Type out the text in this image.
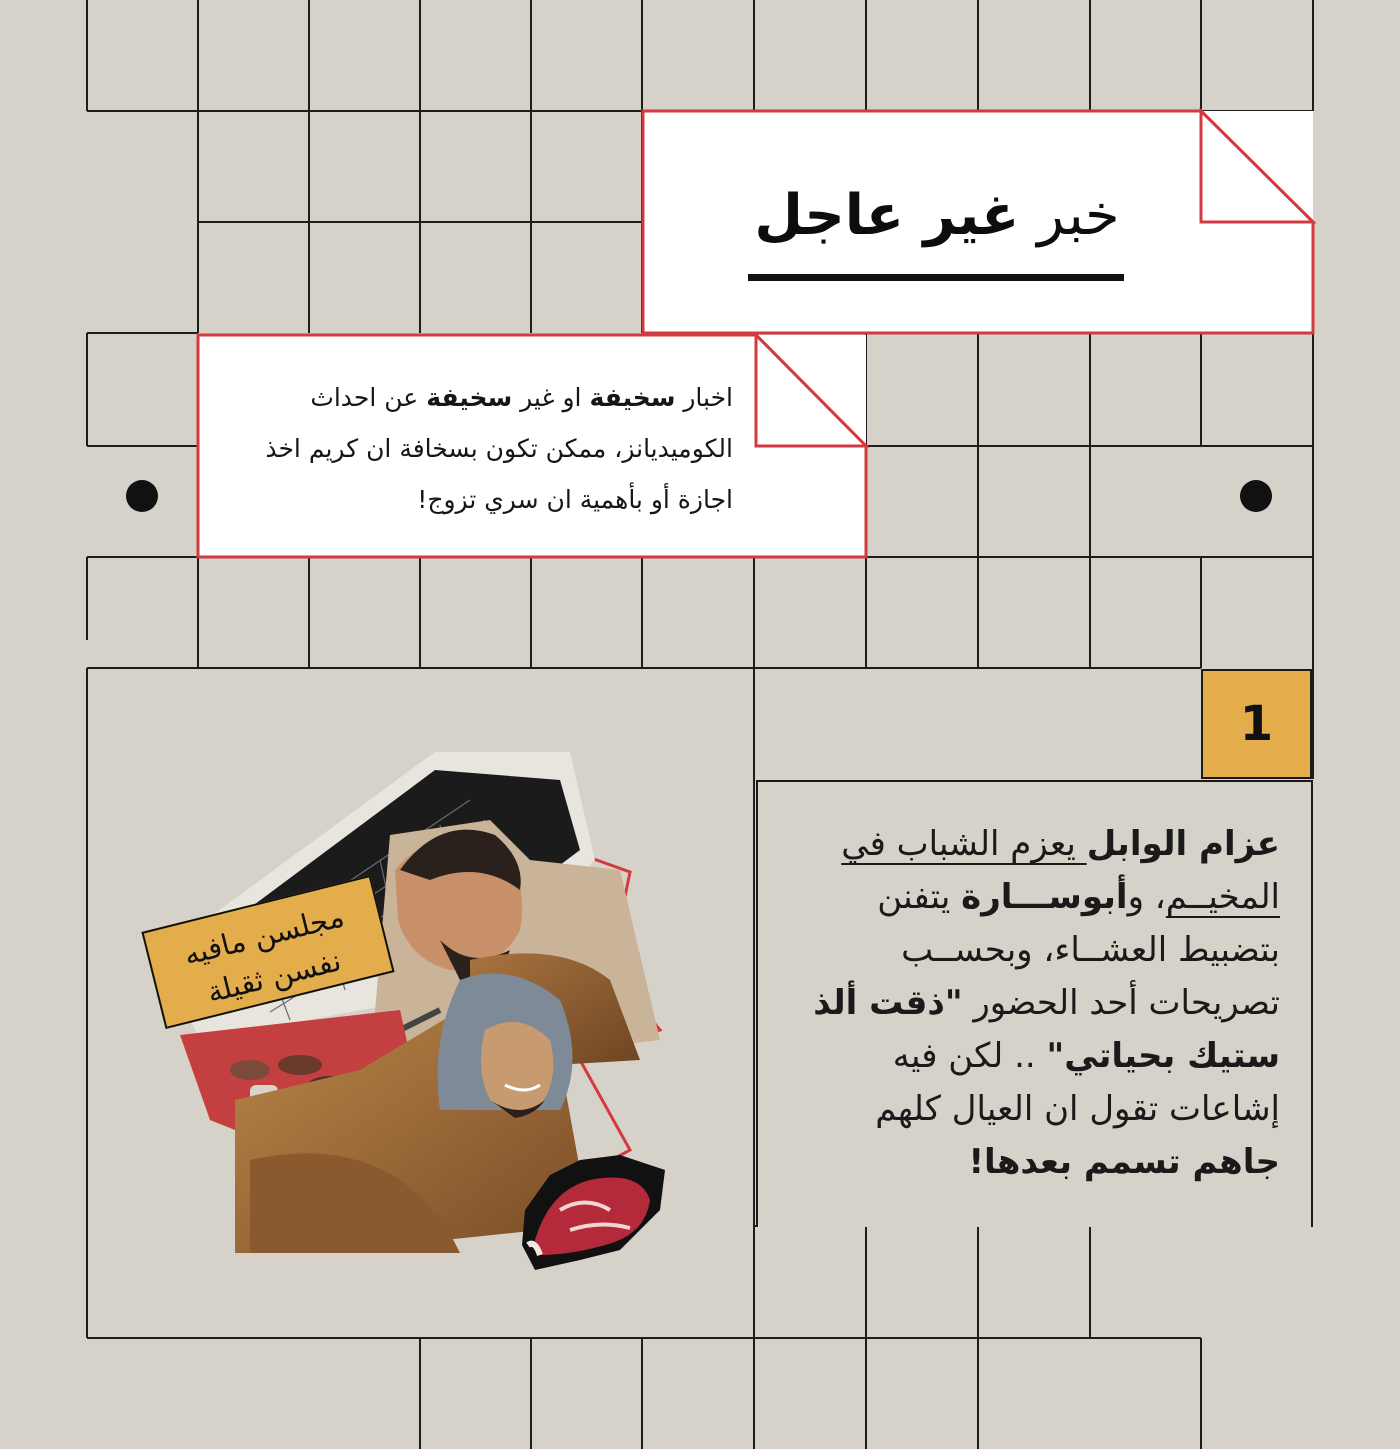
خبر غير عاجل
اخبار سخيفة او غير سخيفة عن احداث الكوميديانز، ممكن تكون بسخافة ان كريم اخذ اجازة أو بأهمية ان سري تزوج!
1
عزام الوابل يعزم الشباب في المخيــم، وأبوســـارة يتفنن بتضبيط العشــاء، وبحســب تصريحات أحد الحضور "ذقت ألذ ستيك بحياتي" .. لكن فيه إشاعات تقول ان العيال كلهم جاهم تسمم بعدها!
مجلسن مافيه نفسن ثقيلة
